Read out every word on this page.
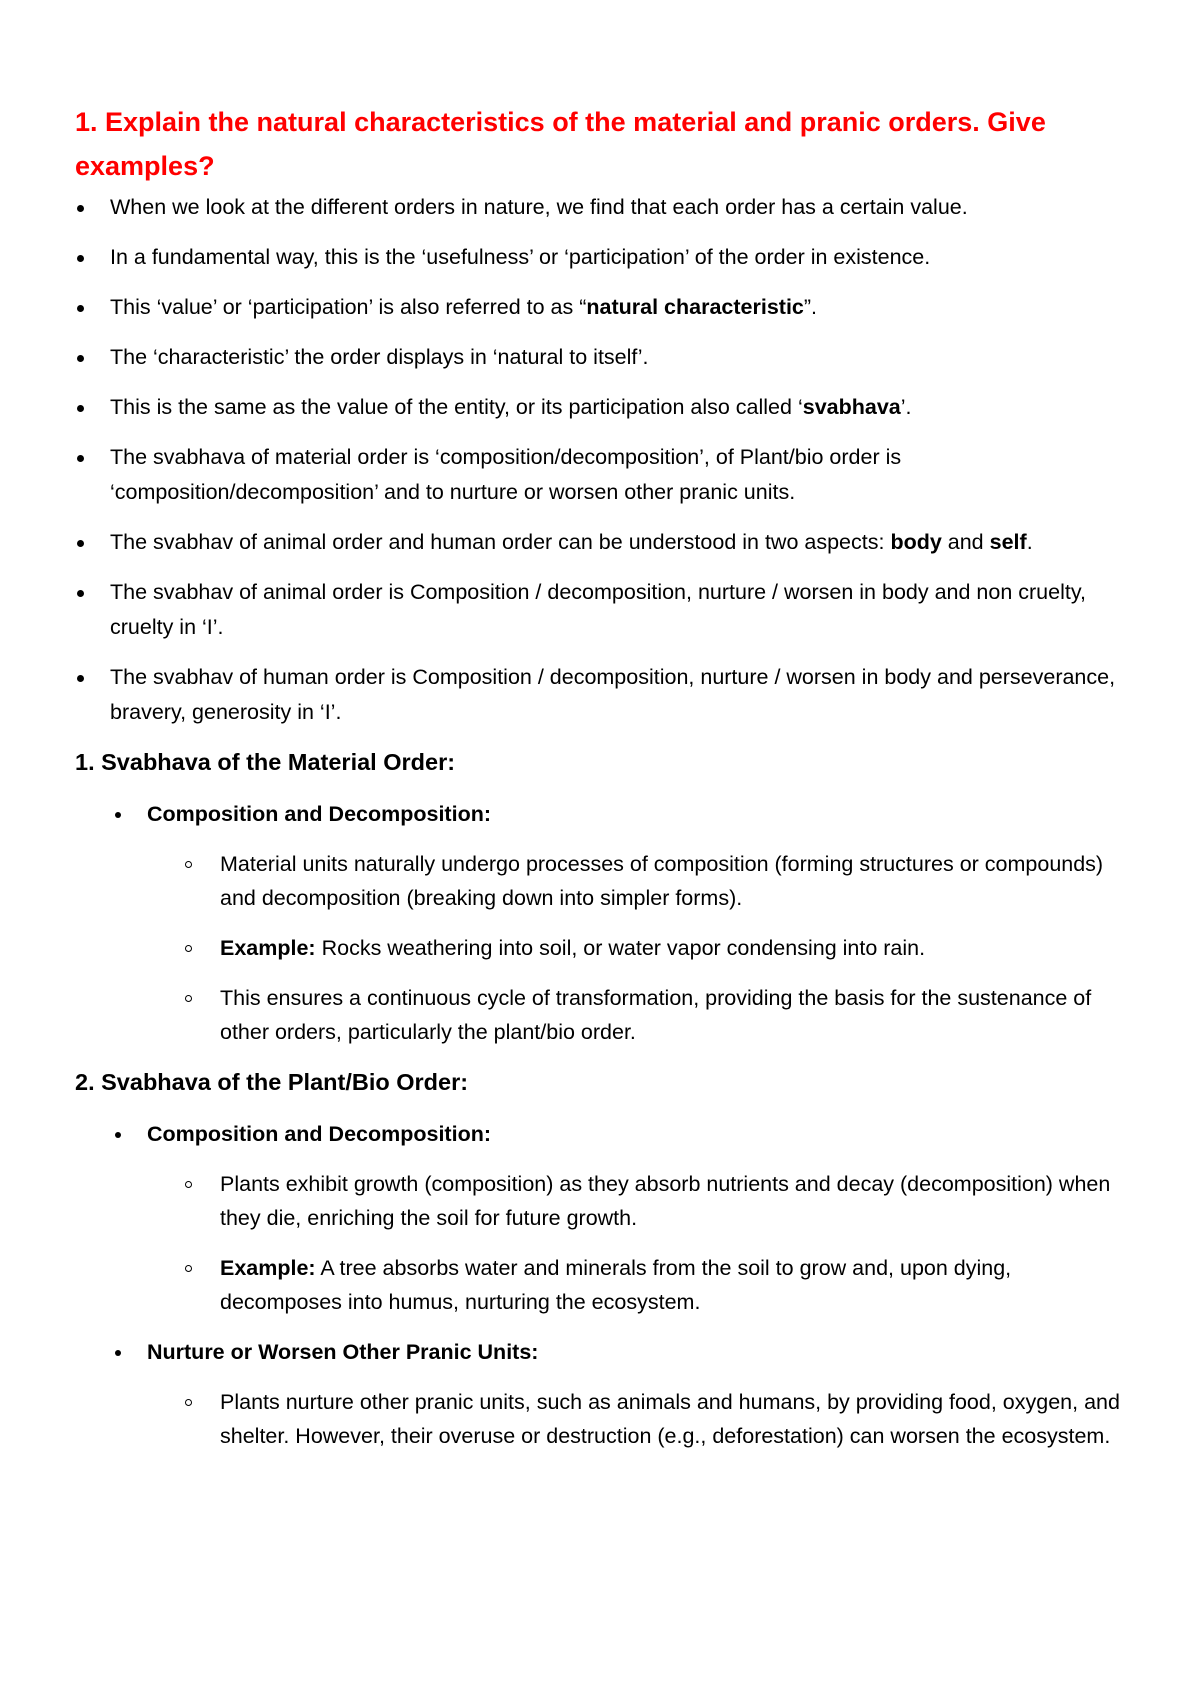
1. Explain the natural characteristics of the material and pranic orders. Give examples?
When we look at the different orders in nature, we find that each order has a certain value.
In a fundamental way, this is the ‘usefulness’ or ‘participation’ of the order in existence.
This ‘value’ or ‘participation’ is also referred to as “natural characteristic”.
The ‘characteristic’ the order displays in ‘natural to itself’.
This is the same as the value of the entity, or its participation also called ‘svabhava’.
The svabhava of material order is ‘composition/decomposition’, of Plant/bio order is ‘composition/decomposition’ and to nurture or worsen other pranic units.
The svabhav of animal order and human order can be understood in two aspects: body and self.
The svabhav of animal order is Composition / decomposition, nurture / worsen in body and non cruelty, cruelty in ‘I’.
The svabhav of human order is Composition / decomposition, nurture / worsen in body and perseverance, bravery, generosity in ‘I’.
1. Svabhava of the Material Order:
Composition and Decomposition:
Material units naturally undergo processes of composition (forming structures or compounds) and decomposition (breaking down into simpler forms).
Example: Rocks weathering into soil, or water vapor condensing into rain.
This ensures a continuous cycle of transformation, providing the basis for the sustenance of other orders, particularly the plant/bio order.
2. Svabhava of the Plant/Bio Order:
Composition and Decomposition:
Plants exhibit growth (composition) as they absorb nutrients and decay (decomposition) when they die, enriching the soil for future growth.
Example: A tree absorbs water and minerals from the soil to grow and, upon dying, decomposes into humus, nurturing the ecosystem.
Nurture or Worsen Other Pranic Units:
Plants nurture other pranic units, such as animals and humans, by providing food, oxygen, and shelter. However, their overuse or destruction (e.g., deforestation) can worsen the ecosystem.
